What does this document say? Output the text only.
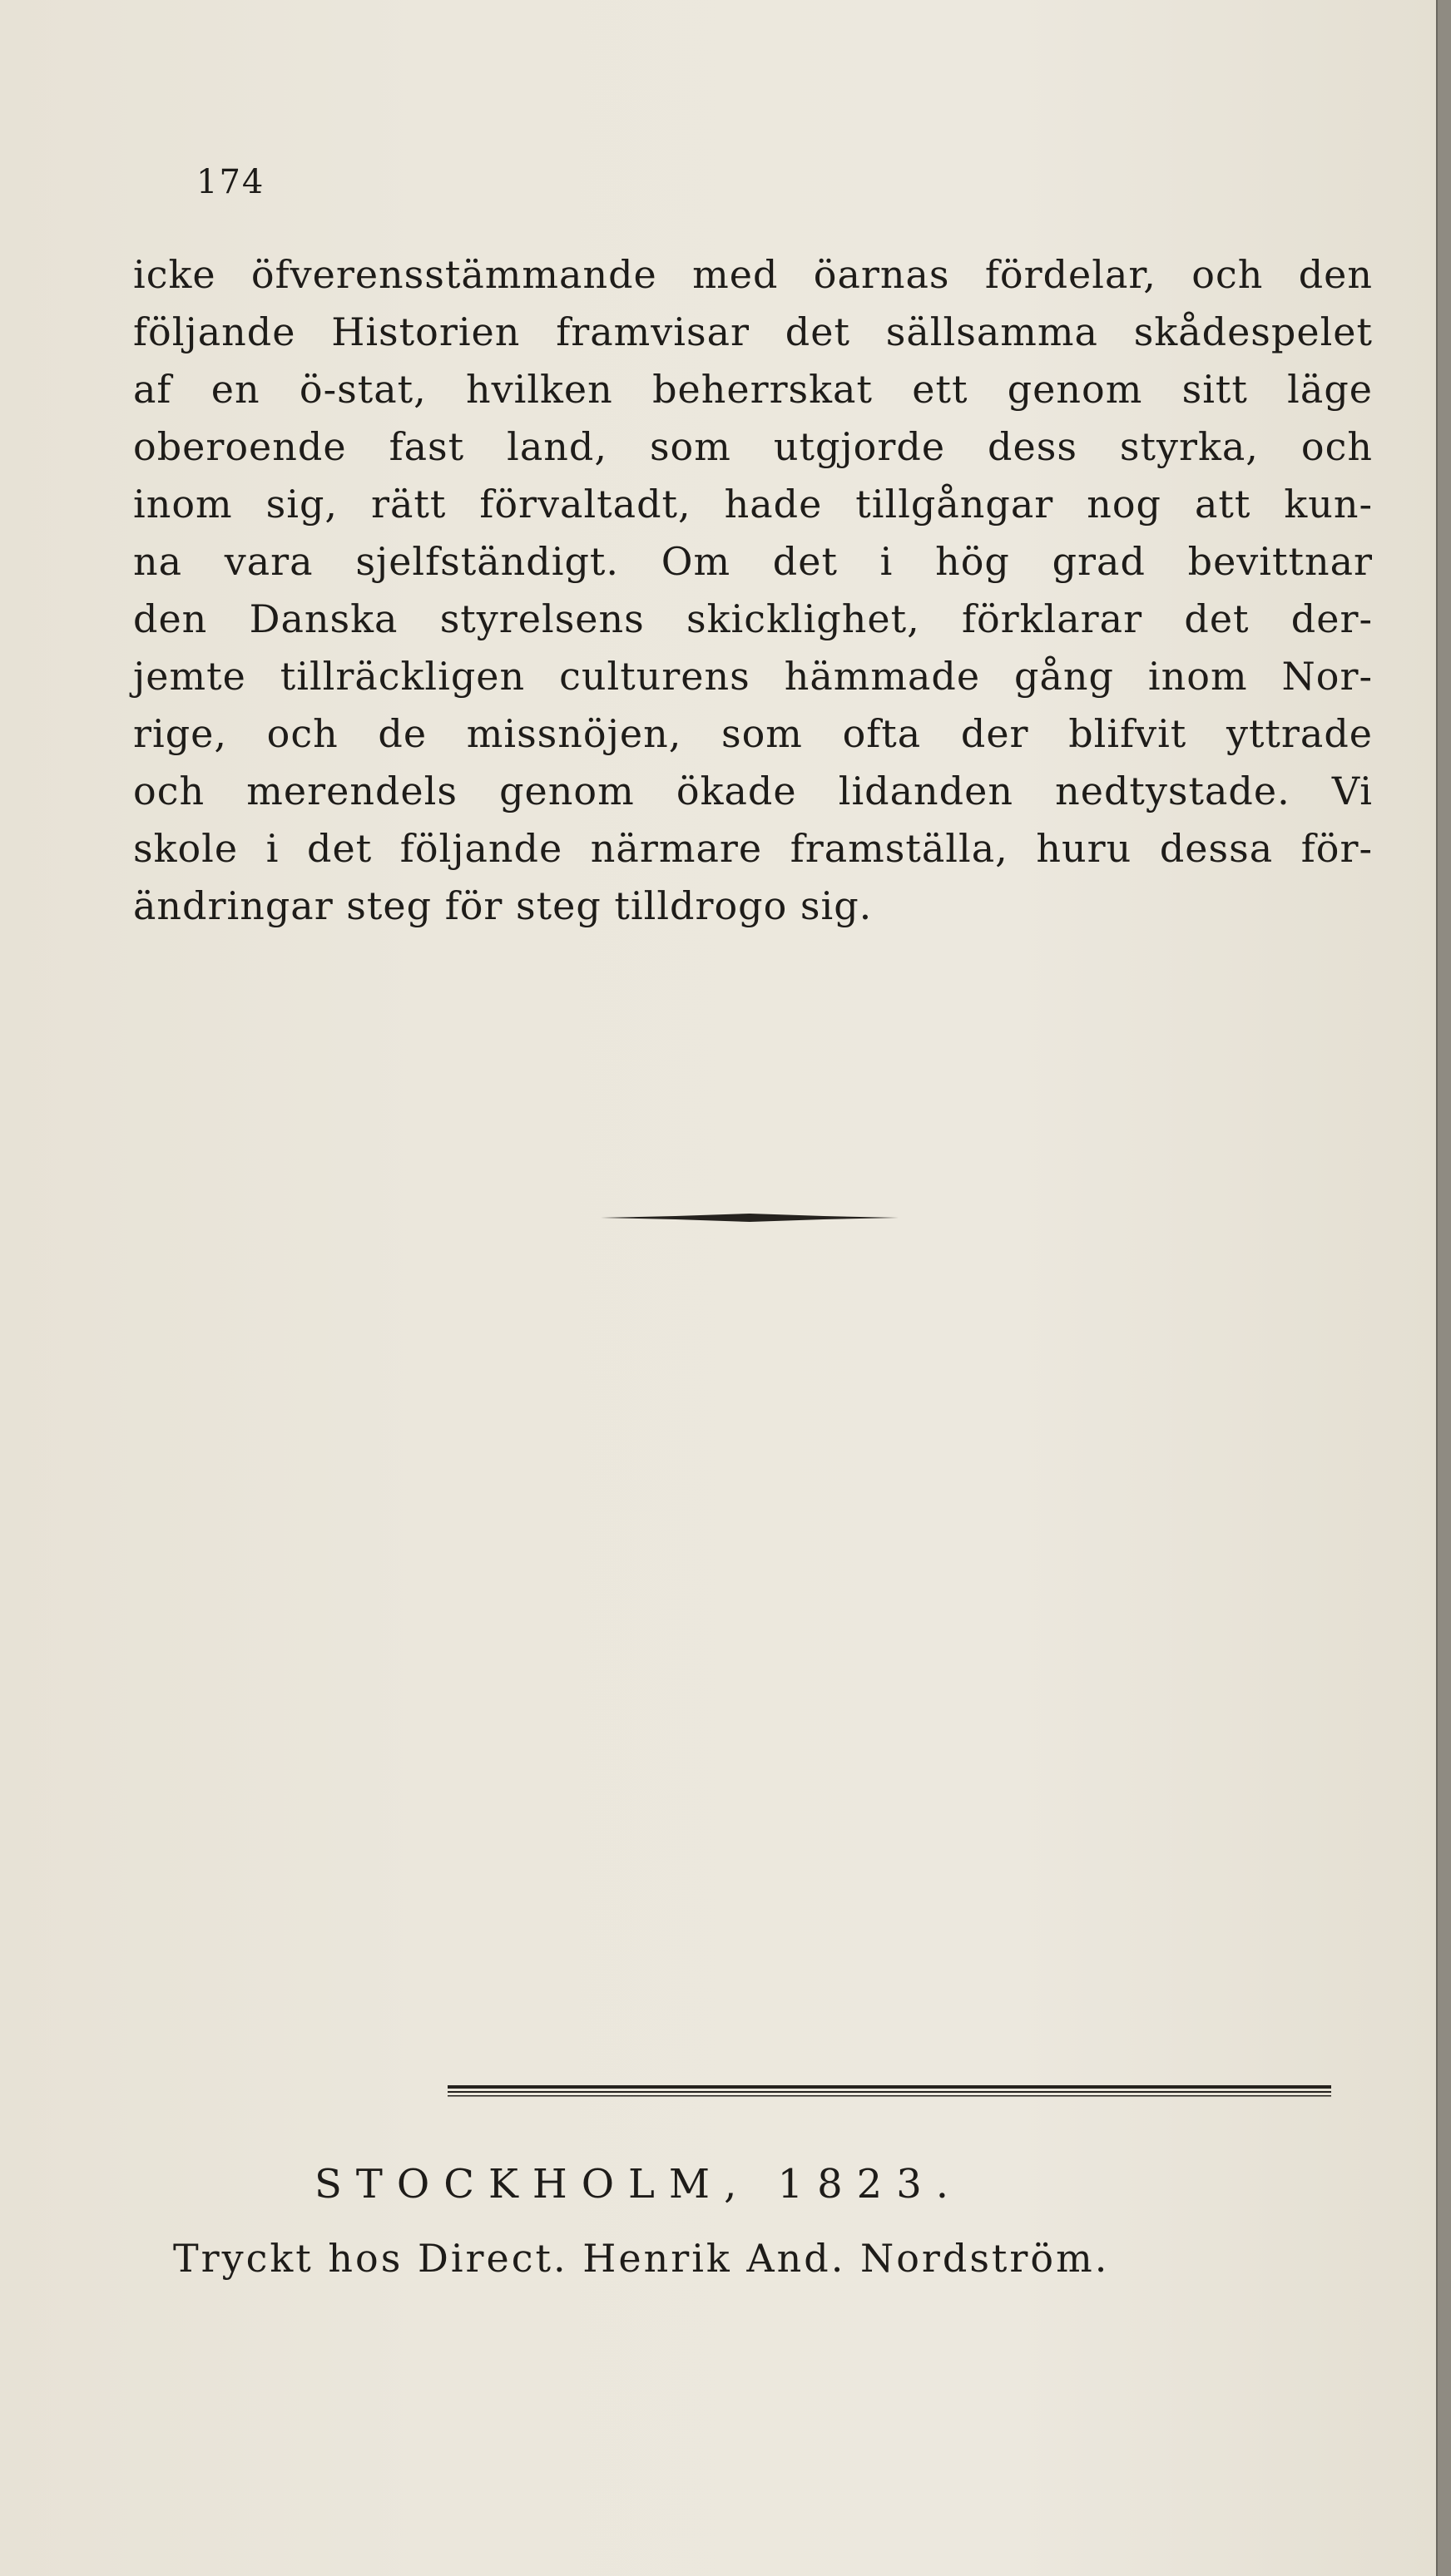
174
icke öfverensstämmande med öarnas fördelar, och den
följande Historien framvisar det sällsamma skådespelet
af en ö-stat, hvilken beherrskat ett genom sitt läge
oberoende fast land, som utgjorde dess styrka, och
inom sig, rätt förvaltadt, hade tillgångar nog att kun-
na vara sjelfständigt. Om det i hög grad bevittnar
den Danska styrelsens skicklighet, förklarar det der-
jemte tillräckligen culturens hämmade gång inom Nor-
rige, och de missnöjen, som ofta der blifvit yttrade
och merendels genom ökade lidanden nedtystade. Vi
skole i det följande närmare framställa, huru dessa för-
ändringar steg för steg tilldrogo sig.
STOCKHOLM, 1823.
Tryckt hos Direct. Henrik And. Nordström.
